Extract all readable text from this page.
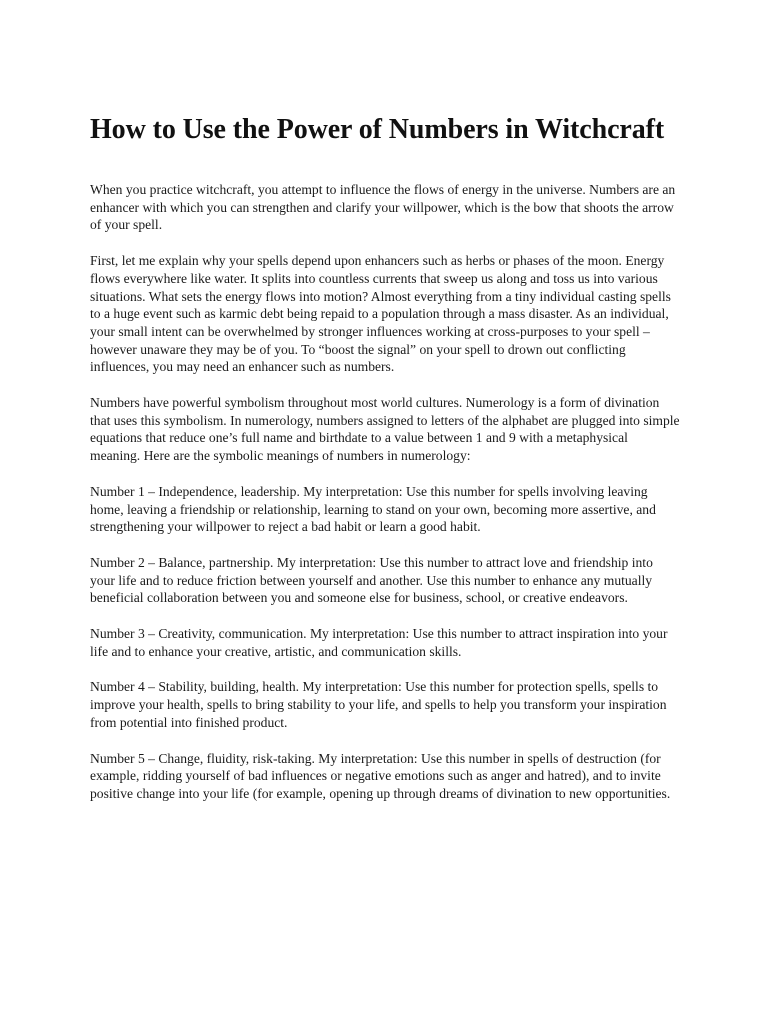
How to Use the Power of Numbers in Witchcraft

When you practice witchcraft, you attempt to influence the flows of energy in the universe. Numbers are an enhancer with which you can strengthen and clarify your willpower, which is the bow that shoots the arrow of your spell.

First, let me explain why your spells depend upon enhancers such as herbs or phases of the moon. Energy flows everywhere like water. It splits into countless currents that sweep us along and toss us into various situations. What sets the energy flows into motion? Almost everything from a tiny individual casting spells to a huge event such as karmic debt being repaid to a population through a mass disaster. As an individual, your small intent can be overwhelmed by stronger influences working at cross-purposes to your spell – however unaware they may be of you. To “boost the signal” on your spell to drown out conflicting influences, you may need an enhancer such as numbers.

Numbers have powerful symbolism throughout most world cultures. Numerology is a form of divination that uses this symbolism. In numerology, numbers assigned to letters of the alphabet are plugged into simple equations that reduce one’s full name and birthdate to a value between 1 and 9 with a metaphysical meaning. Here are the symbolic meanings of numbers in numerology:

Number 1 – Independence, leadership. My interpretation: Use this number for spells involving leaving home, leaving a friendship or relationship, learning to stand on your own, becoming more assertive, and strengthening your willpower to reject a bad habit or learn a good habit.

Number 2 – Balance, partnership. My interpretation: Use this number to attract love and friendship into your life and to reduce friction between yourself and another. Use this number to enhance any mutually beneficial collaboration between you and someone else for business, school, or creative endeavors.

Number 3 – Creativity, communication. My interpretation: Use this number to attract inspiration into your life and to enhance your creative, artistic, and communication skills.

Number 4 – Stability, building, health. My interpretation: Use this number for protection spells, spells to improve your health, spells to bring stability to your life, and spells to help you transform your inspiration from potential into finished product.

Number 5 – Change, fluidity, risk-taking. My interpretation: Use this number in spells of destruction (for example, ridding yourself of bad influences or negative emotions such as anger and hatred), and to invite positive change into your life (for example, opening up through dreams of divination to new opportunities.
